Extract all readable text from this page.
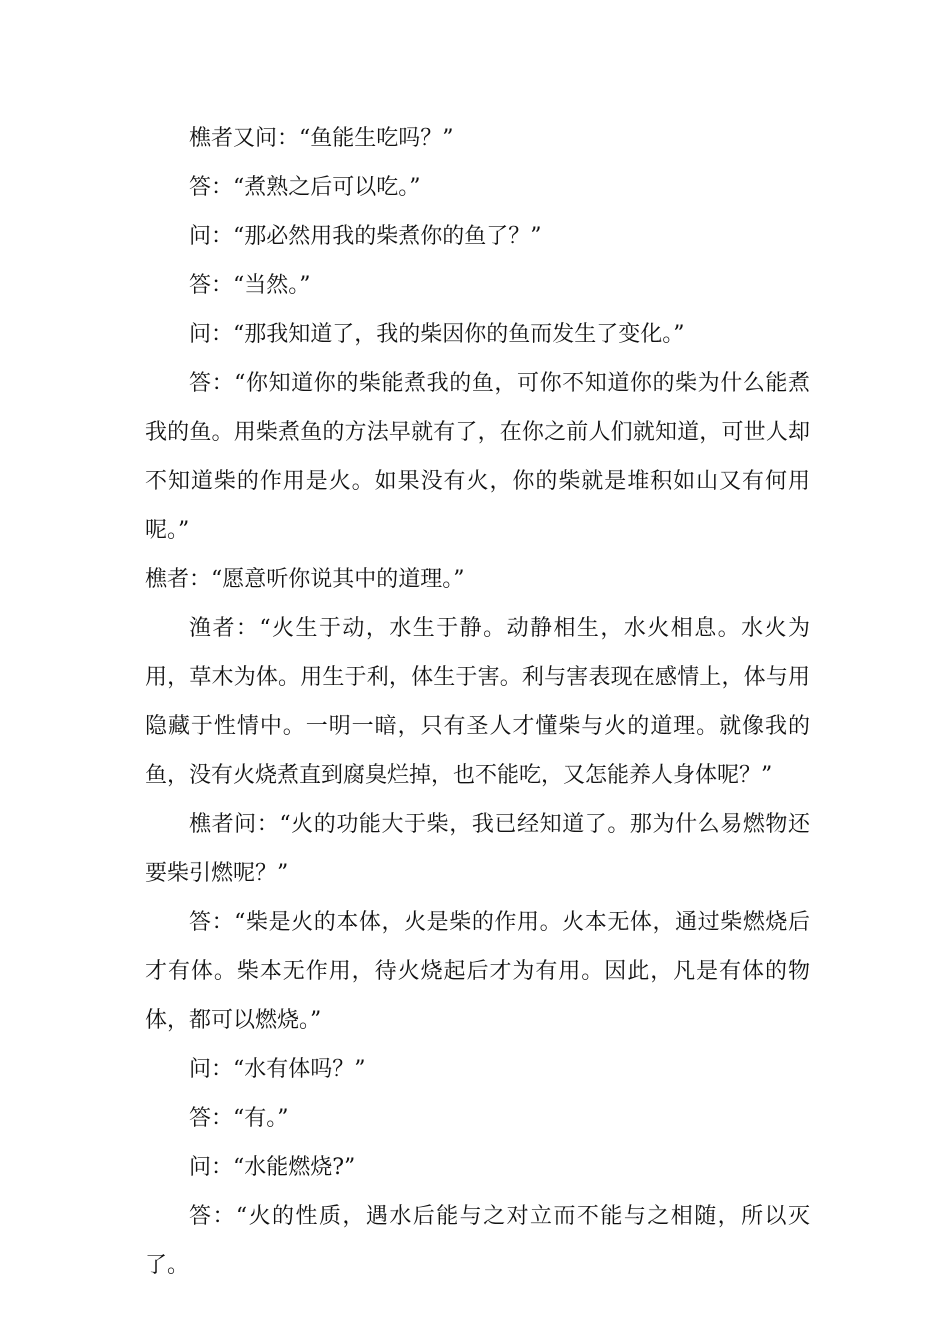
樵者又问：“鱼能生吃吗？”

答：“煮熟之后可以吃。”

问：“那必然用我的柴煮你的鱼了？”

答：“当然。”

问：“那我知道了，我的柴因你的鱼而发生了变化。”

答：“你知道你的柴能煮我的鱼，可你不知道你的柴为什么能煮我的鱼。用柴煮鱼的方法早就有了，在你之前人们就知道，可世人却不知道柴的作用是火。如果没有火，你的柴就是堆积如山又有何用呢。”

樵者：“愿意听你说其中的道理。”

渔者：“火生于动，水生于静。动静相生，水火相息。水火为用，草木为体。用生于利，体生于害。利与害表现在感情上，体与用隐藏于性情中。一明一暗，只有圣人才懂柴与火的道理。就像我的鱼，没有火烧煮直到腐臭烂掉，也不能吃，又怎能养人身体呢？”

樵者问：“火的功能大于柴，我已经知道了。那为什么易燃物还要柴引燃呢？”

答：“柴是火的本体，火是柴的作用。火本无体，通过柴燃烧后才有体。柴本无作用，待火烧起后才为有用。因此，凡是有体的物体，都可以燃烧。”

问：“水有体吗？”

答：“有。”

问：“水能燃烧?”

答：“火的性质，遇水后能与之对立而不能与之相随，所以灭了。
